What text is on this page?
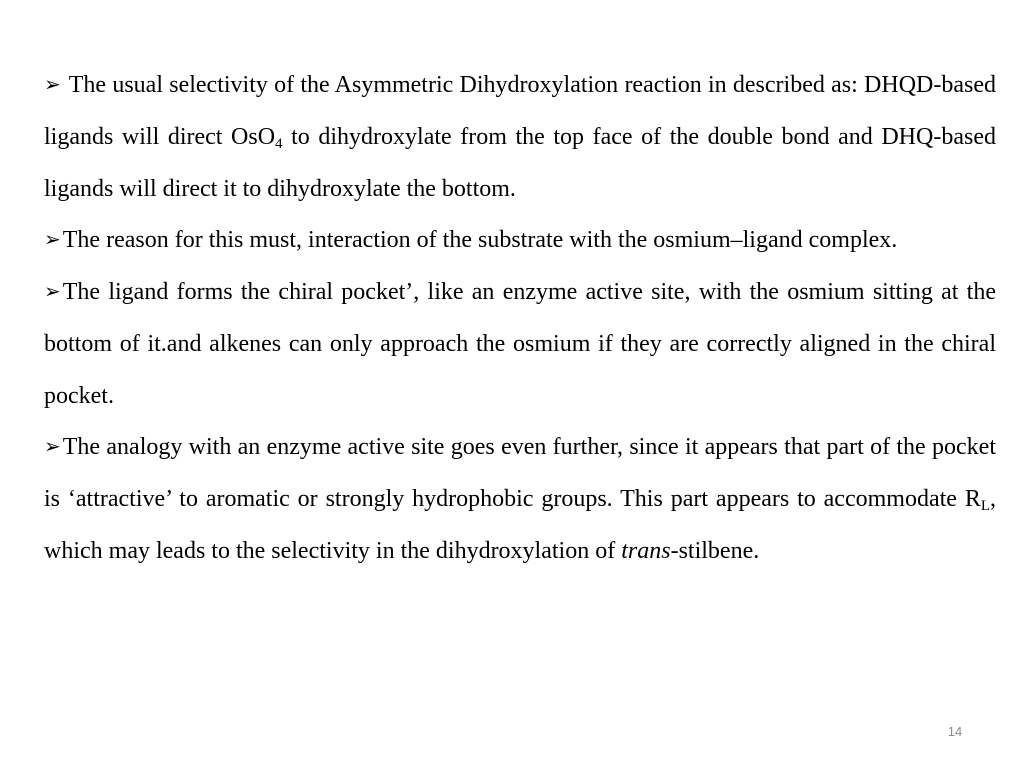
➢ The usual selectivity of the Asymmetric Dihydroxylation reaction in described as: DHQD-based ligands will direct OsO$_4$ to dihydroxylate from the top face of the double bond and DHQ-based ligands will direct it to dihydroxylate the bottom.

➢The reason for this must, interaction of the substrate with the osmium–ligand complex.

➢The ligand forms the chiral pocket’, like an enzyme active site, with the osmium sitting at the bottom of it.and alkenes can only approach the osmium if they are correctly aligned in the chiral pocket.

➢The analogy with an enzyme active site goes even further, since it appears that part of the pocket is ‘attractive’ to aromatic or strongly hydrophobic groups. This part appears to accommodate $R_L$, which may leads to the selectivity in the dihydroxylation of trans-stilbene.

14
